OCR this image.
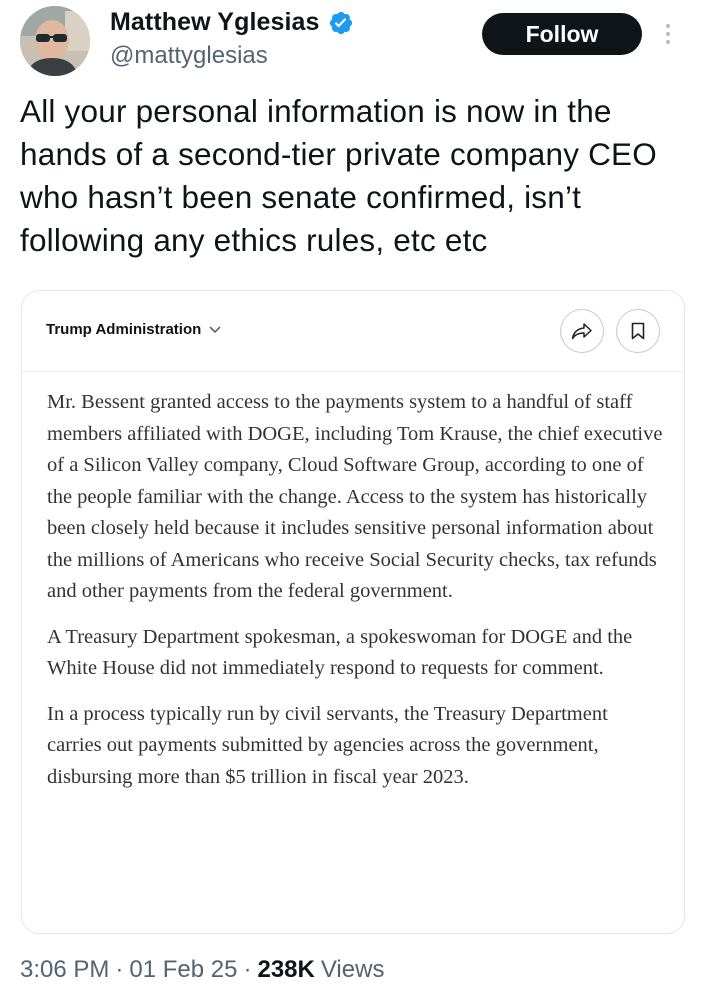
Matthew Yglesias
@mattyglesias
Follow
All your personal information is now in the hands of a second-tier private company CEO who hasn’t been senate confirmed, isn’t following any ethics rules, etc etc
Trump Administration

Mr. Bessent granted access to the payments system to a handful of staff members affiliated with DOGE, including Tom Krause, the chief executive of a Silicon Valley company, Cloud Software Group, according to one of the people familiar with the change. Access to the system has historically been closely held because it includes sensitive personal information about the millions of Americans who receive Social Security checks, tax refunds and other payments from the federal government.

A Treasury Department spokesman, a spokeswoman for DOGE and the White House did not immediately respond to requests for comment.

In a process typically run by civil servants, the Treasury Department carries out payments submitted by agencies across the government, disbursing more than $5 trillion in fiscal year 2023.

3:06 PM · 01 Feb 25 · 238K Views
